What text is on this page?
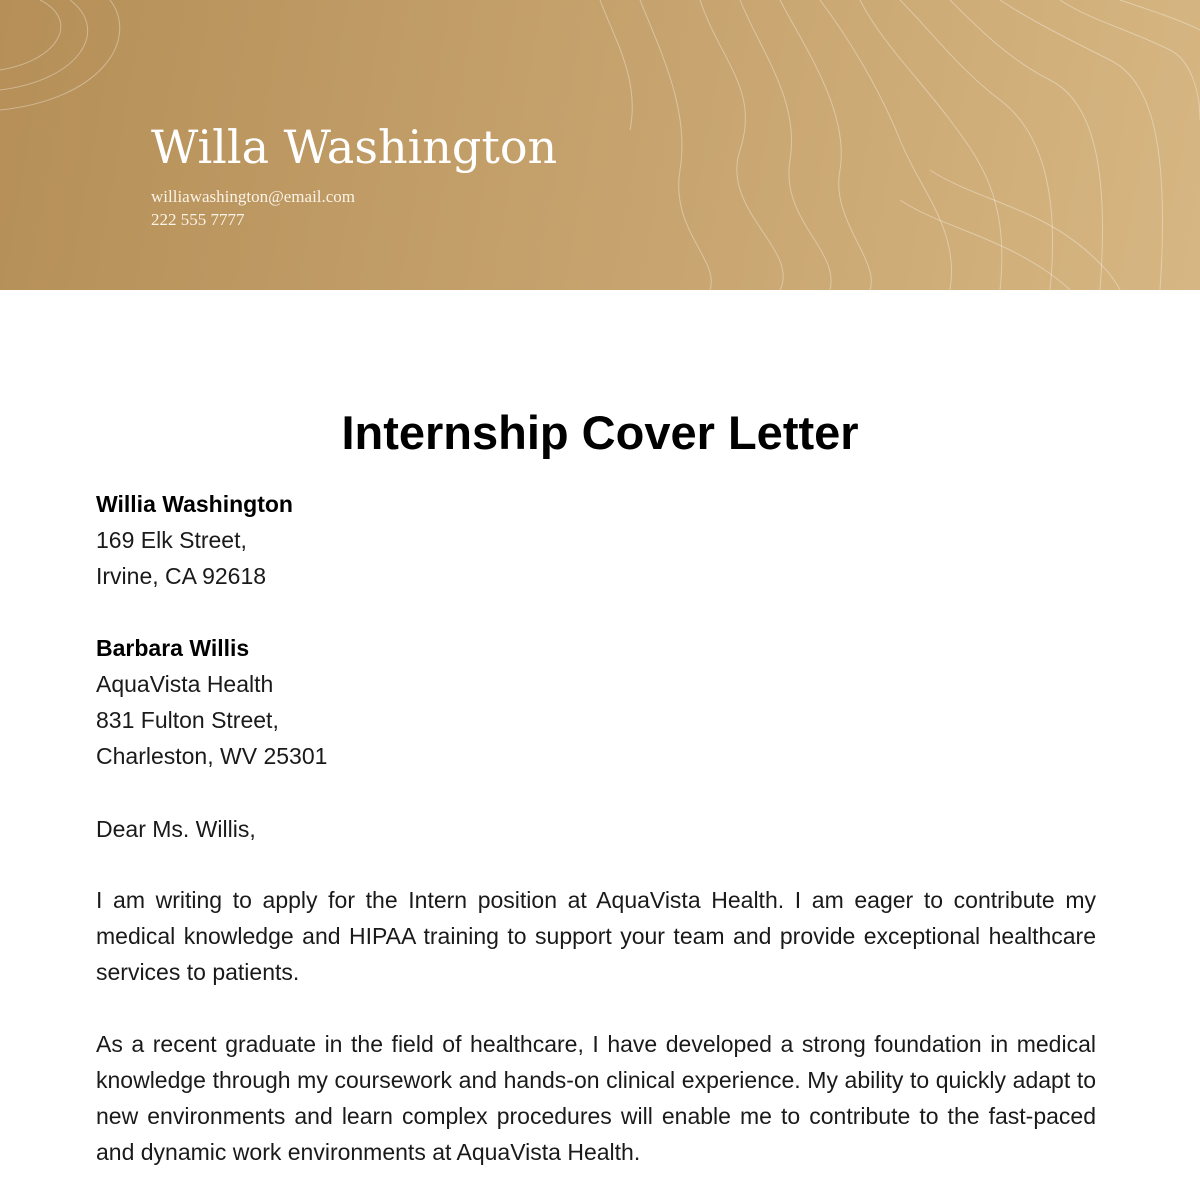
Willa Washington
williawashington@email.com
222 555 7777
Internship Cover Letter
Willia Washington
169 Elk Street,
Irvine, CA 92618
Barbara Willis
AquaVista Health
831 Fulton Street,
Charleston, WV 25301
Dear Ms. Willis,

I am writing to apply for the Intern position at AquaVista Health. I am eager to contribute my medical knowledge and HIPAA training to support your team and provide exceptional healthcare services to patients.

As a recent graduate in the field of healthcare, I have developed a strong foundation in medical knowledge through my coursework and hands-on clinical experience. My ability to quickly adapt to new environments and learn complex procedures will enable me to contribute to the fast-paced and dynamic work environments at AquaVista Health.
